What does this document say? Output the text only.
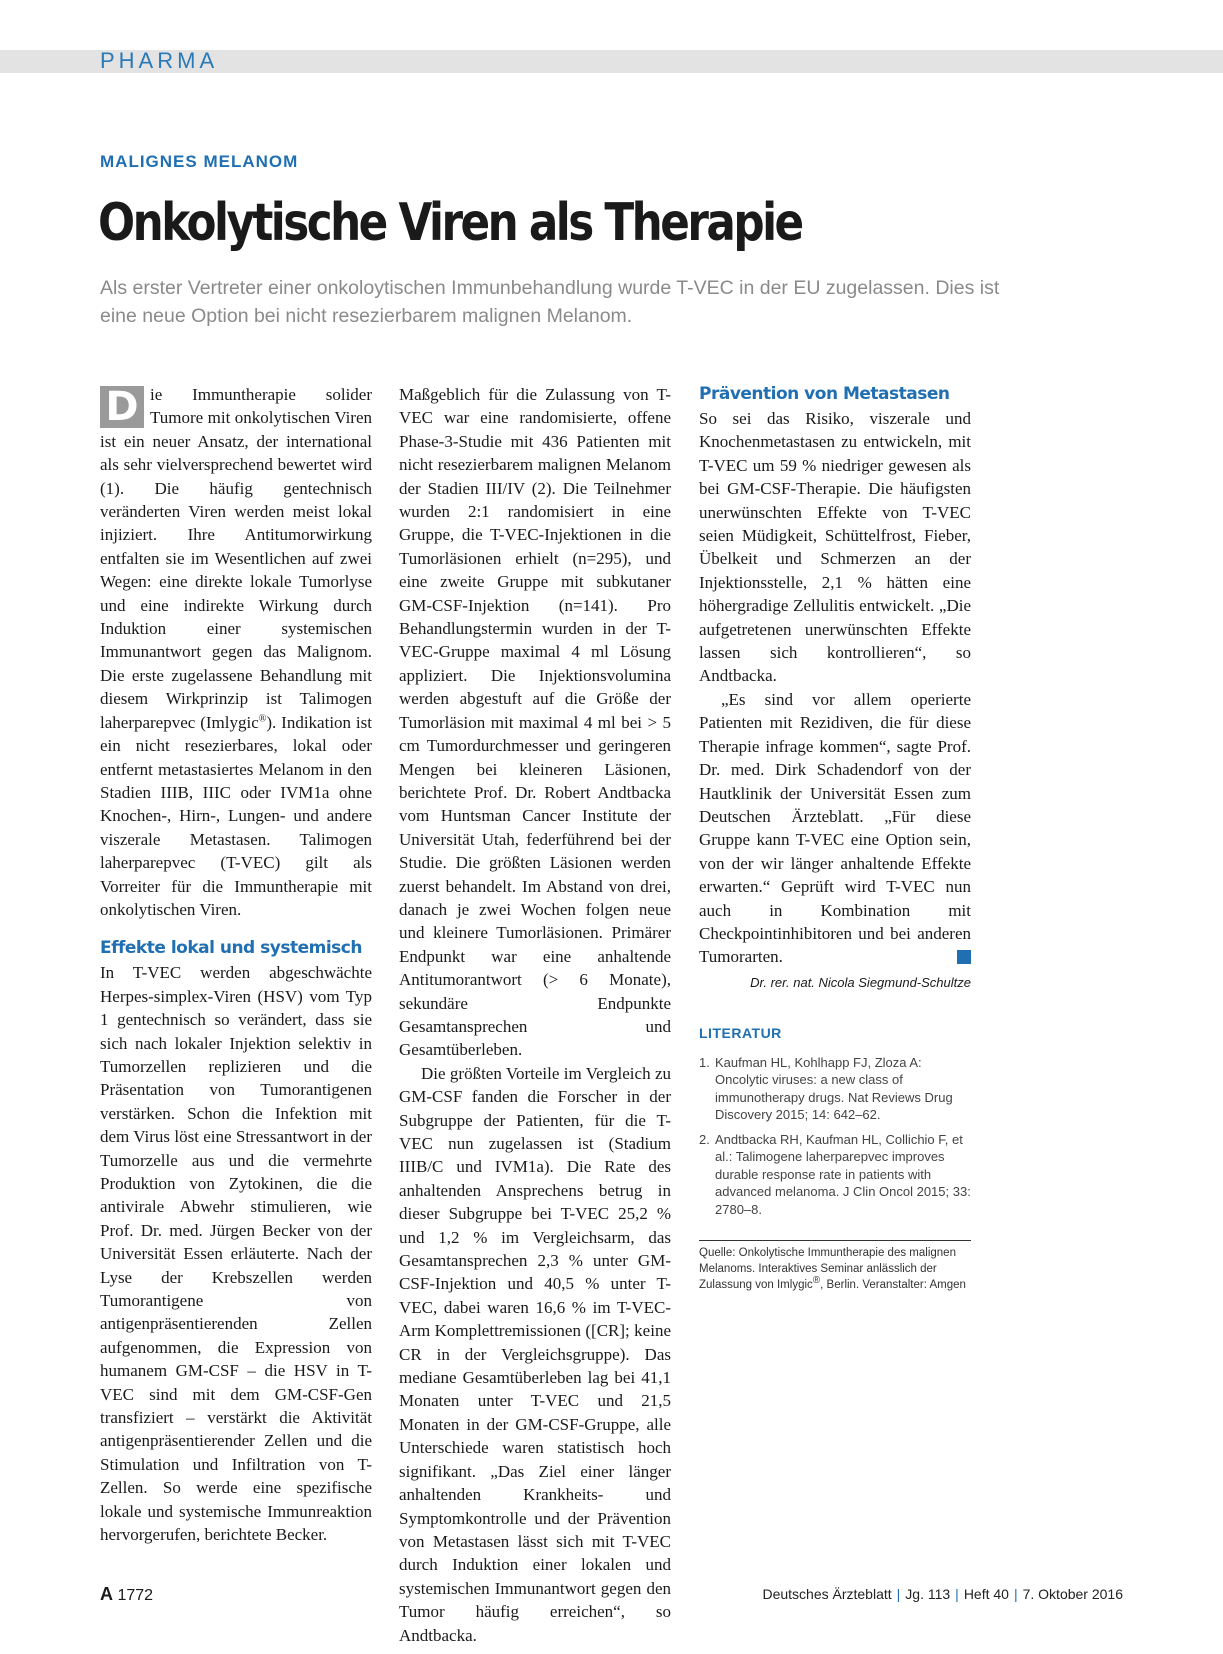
PHARMA
MALIGNES MELANOM
Onkolytische Viren als Therapie
Als erster Vertreter einer onkoloytischen Immunbehandlung wurde T-VEC in der EU zugelassen. Dies ist eine neue Option bei nicht resezierbarem malignen Melanom.

D ie Immuntherapie solider Tumore mit onkolytischen Viren ist ein neuer Ansatz, der international als sehr vielversprechend bewertet wird (1). Die häufig gentechnisch veränderten Viren werden meist lokal injiziert. Ihre Antitumorwirkung entfalten sie im Wesentlichen auf zwei Wegen: eine direkte lokale Tumorlyse und eine indirekte Wirkung durch Induktion einer systemischen Immunantwort gegen das Malignom. Die erste zugelassene Behandlung mit diesem Wirkprinzip ist Talimogen laherparepvec (Imlygic®). Indikation ist ein nicht resezierbares, lokal oder entfernt metastasiertes Melanom in den Stadien IIIB, IIIC oder IVM1a ohne Knochen-, Hirn-, Lungen- und andere viszerale Metastasen. Talimogen laherparepvec (T-VEC) gilt als Vorreiter für die Immuntherapie mit onkolytischen Viren.

Effekte lokal und systemisch

In T-VEC werden abgeschwächte Herpes-simplex-Viren (HSV) vom Typ 1 gentechnisch so verändert, dass sie sich nach lokaler Injektion selektiv in Tumorzellen replizieren und die Präsentation von Tumorantigenen verstärken. Schon die Infektion mit dem Virus löst eine Stressantwort in der Tumorzelle aus und die vermehrte Produktion von Zytokinen, die die antivirale Abwehr stimulieren, wie Prof. Dr. med. Jürgen Becker von der Universität Essen erläuterte. Nach der Lyse der Krebszellen werden Tumorantigene von antigenpräsentierenden Zellen aufgenommen, die Expression von humanem GM-CSF – die HSV in T-VEC sind mit dem GM-CSF-Gen transfiziert – verstärkt die Aktivität antigenpräsentierender Zellen und die Stimulation und Infiltration von T-Zellen. So werde eine spezifische lokale und systemische Immunreaktion hervorgerufen, berichtete Becker.

Maßgeblich für die Zulassung von T-VEC war eine randomisierte, offene Phase-3-Studie mit 436 Patienten mit nicht resezierbarem malignen Melanom der Stadien III/IV (2). Die Teilnehmer wurden 2:1 randomisiert in eine Gruppe, die T-VEC-Injektionen in die Tumorläsionen erhielt (n=295), und eine zweite Gruppe mit subkutaner GM-CSF-Injektion (n=141). Pro Behandlungstermin wurden in der T-VEC-Gruppe maximal 4 ml Lösung appliziert. Die Injektionsvolumina werden abgestuft auf die Größe der Tumorläsion mit maximal 4 ml bei > 5 cm Tumordurchmesser und geringeren Mengen bei kleineren Läsionen, berichtete Prof. Dr. Robert Andtbacka vom Huntsman Cancer Institute der Universität Utah, federführend bei der Studie. Die größten Läsionen werden zuerst behandelt. Im Abstand von drei, danach je zwei Wochen folgen neue und kleinere Tumorläsionen. Primärer Endpunkt war eine anhaltende Antitumorantwort (> 6 Monate), sekundäre Endpunkte Gesamtansprechen und Gesamtüberleben.

Die größten Vorteile im Vergleich zu GM-CSF fanden die Forscher in der Subgruppe der Patienten, für die T-VEC nun zugelassen ist (Stadium IIIB/C und IVM1a). Die Rate des anhaltenden Ansprechens betrug in dieser Subgruppe bei T-VEC 25,2 % und 1,2 % im Vergleichsarm, das Gesamtansprechen 2,3 % unter GM-CSF-Injektion und 40,5 % unter T-VEC, dabei waren 16,6 % im T-VEC-Arm Komplettremissionen ([CR]; keine CR in der Vergleichsgruppe). Das mediane Gesamtüberleben lag bei 41,1 Monaten unter T-VEC und 21,5 Monaten in der GM-CSF-Gruppe, alle Unterschiede waren statistisch hoch signifikant. „Das Ziel einer länger anhaltenden Krankheits- und Symptomkontrolle und der Prävention von Metastasen lässt sich mit T-VEC durch Induktion einer lokalen und systemischen Immunantwort gegen den Tumor häufig erreichen“, so Andtbacka.

Prävention von Metastasen

So sei das Risiko, viszerale und Knochenmetastasen zu entwickeln, mit T-VEC um 59 % niedriger gewesen als bei GM-CSF-Therapie. Die häufigsten unerwünschten Effekte von T-VEC seien Müdigkeit, Schüttelfrost, Fieber, Übelkeit und Schmerzen an der Injektionsstelle, 2,1 % hätten eine höhergradige Zellulitis entwickelt. „Die aufgetretenen unerwünschten Effekte lassen sich kontrollieren“, so Andtbacka.

„Es sind vor allem operierte Patienten mit Rezidiven, die für diese Therapie infrage kommen“, sagte Prof. Dr. med. Dirk Schadendorf von der Hautklinik der Universität Essen zum Deutschen Ärzteblatt. „Für diese Gruppe kann T-VEC eine Option sein, von der wir länger anhaltende Effekte erwarten.“ Geprüft wird T-VEC nun auch in Kombination mit Checkpointinhibitoren und bei anderen Tumorarten.

Dr. rer. nat. Nicola Siegmund-Schultze
LITERATUR
1. Kaufman HL, Kohlhapp FJ, Zloza A: Oncolytic viruses: a new class of immunotherapy drugs. Nat Reviews Drug Discovery 2015; 14: 642–62.
2. Andtbacka RH, Kaufman HL, Collichio F, et al.: Talimogene laherparepvec improves durable response rate in patients with advanced melanoma. J Clin Oncol 2015; 33: 2780–8.
Quelle: Onkolytische Immuntherapie des malignen Melanoms. Interaktives Seminar anlässlich der Zulassung von Imlygic®, Berlin. Veranstalter: Amgen
A 1772	Deutsches Ärzteblatt | Jg. 113 | Heft 40 | 7. Oktober 2016
